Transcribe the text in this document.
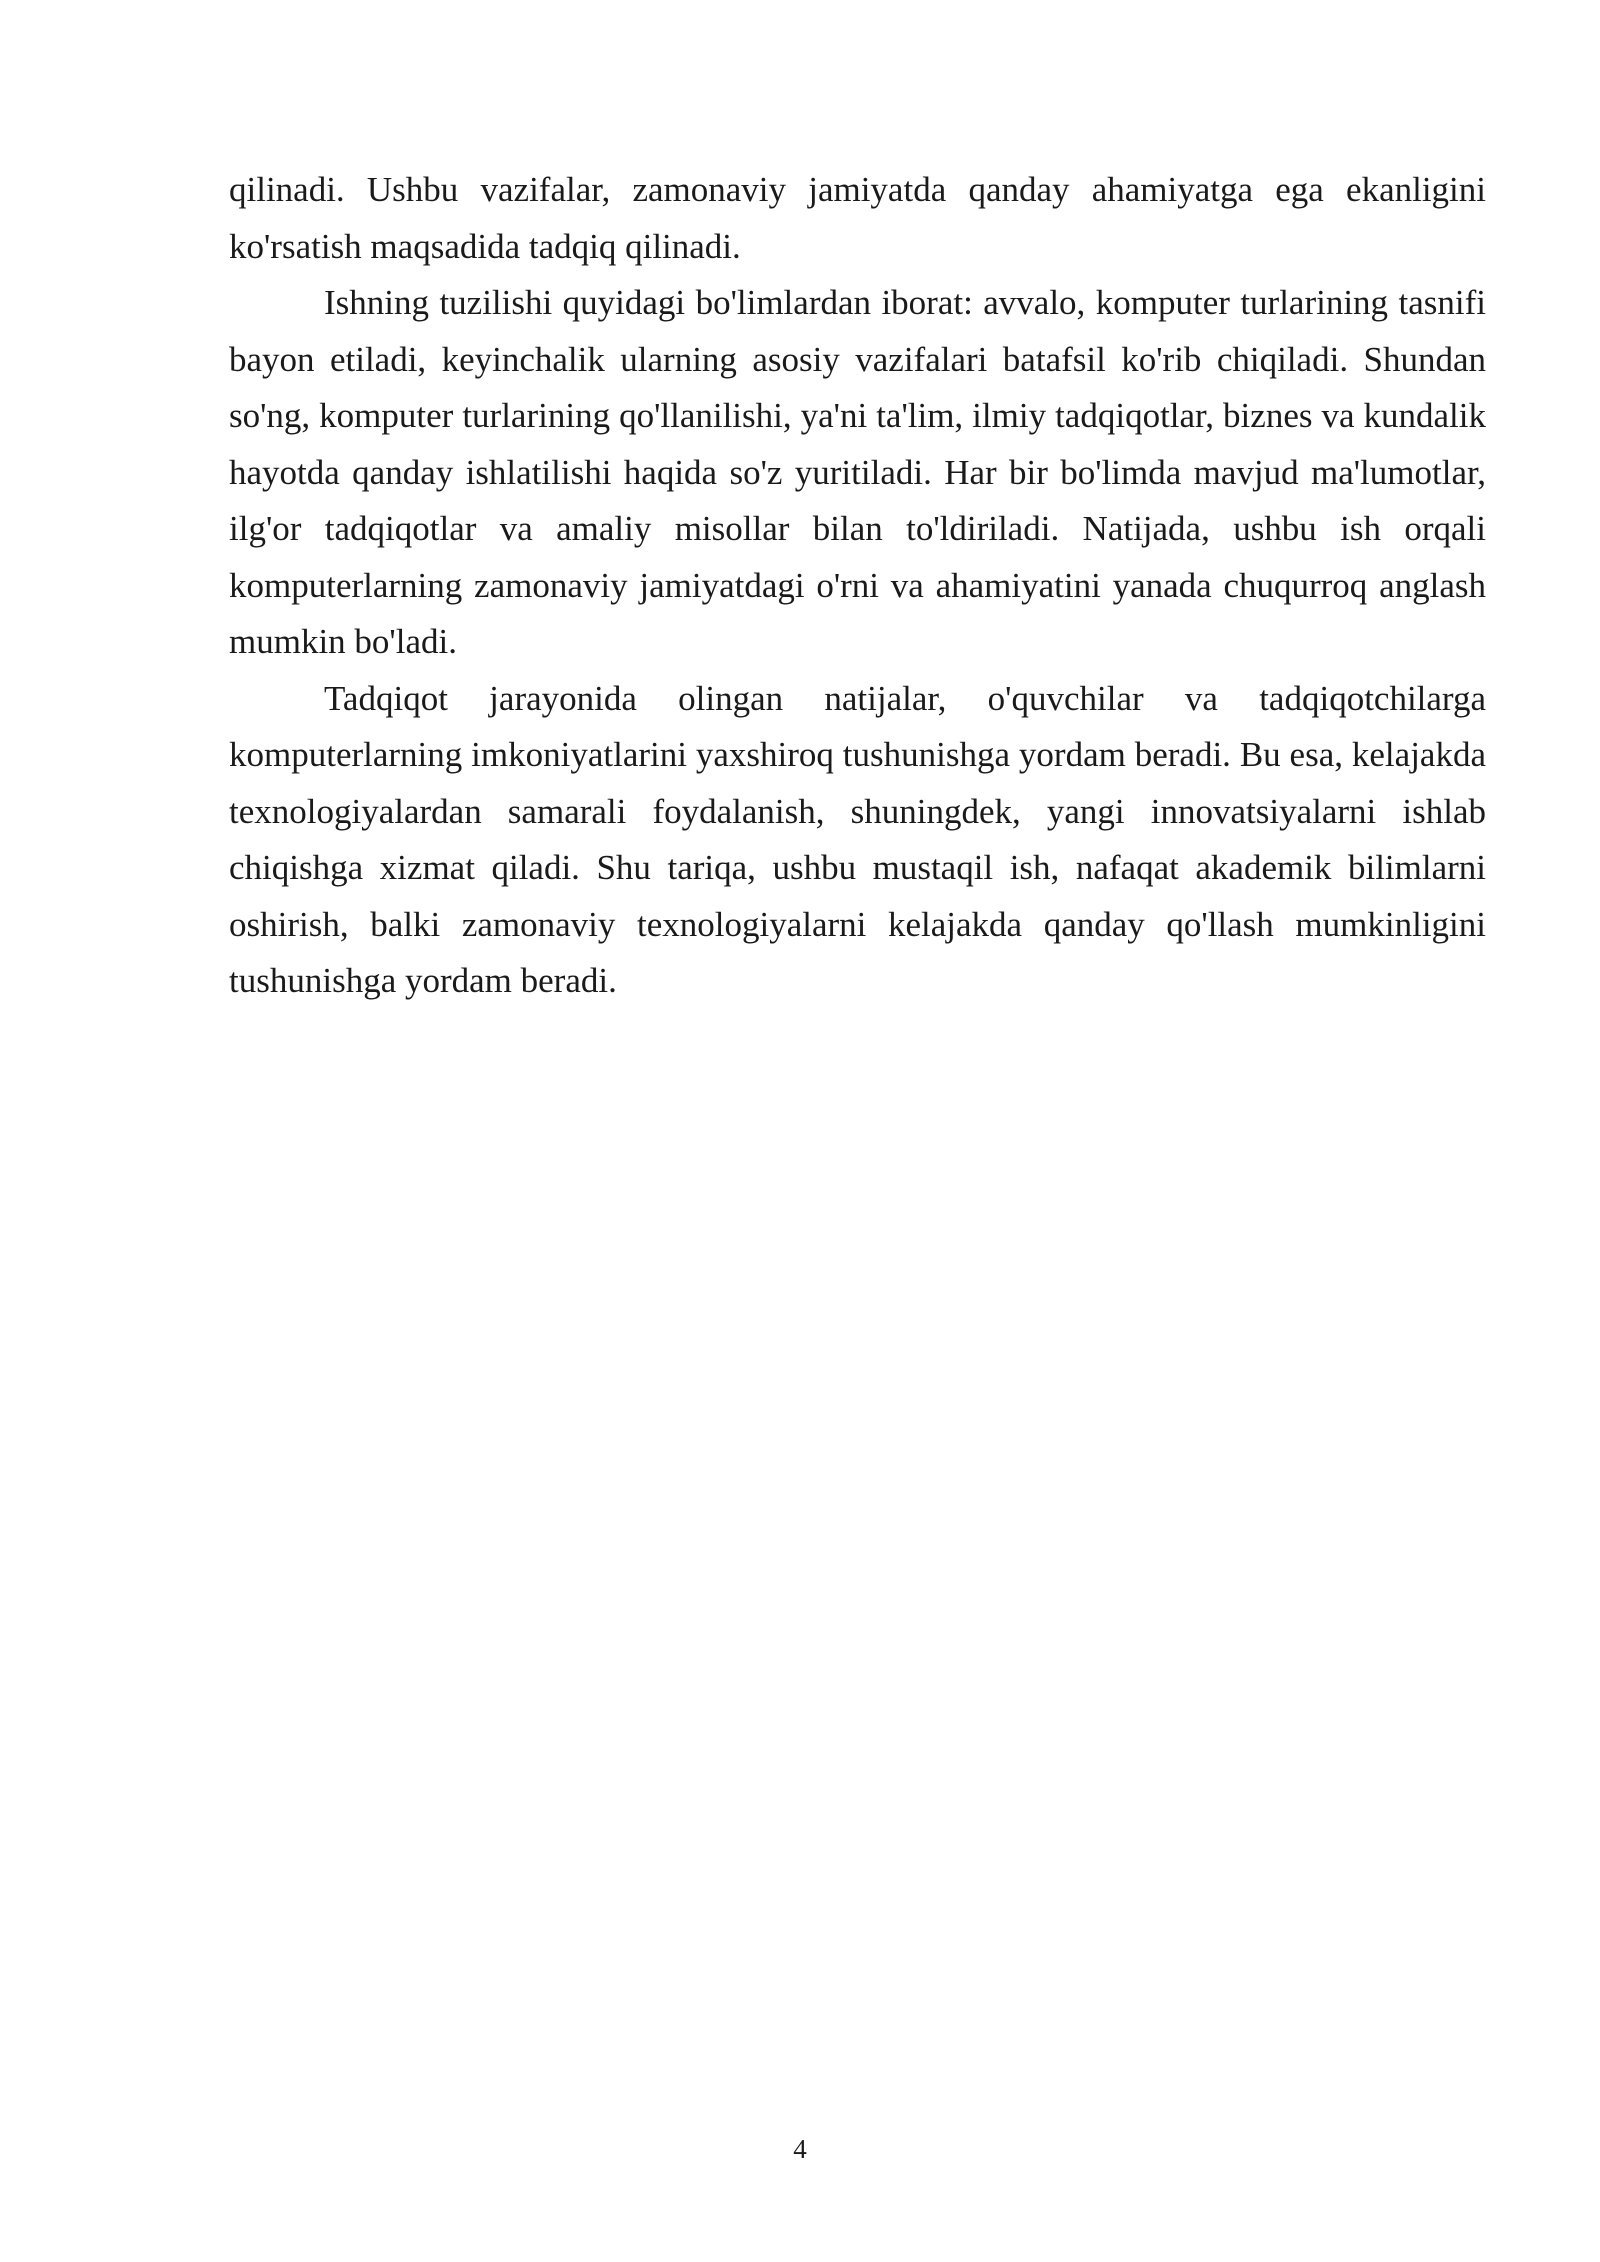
qilinadi. Ushbu vazifalar, zamonaviy jamiyatda qanday ahamiyatga ega ekanligini ko'rsatish maqsadida tadqiq qilinadi.

Ishning tuzilishi quyidagi bo'limlardan iborat: avvalo, komputer turlarining tasnifi bayon etiladi, keyinchalik ularning asosiy vazifalari batafsil ko'rib chiqiladi. Shundan so'ng, komputer turlarining qo'llanilishi, ya'ni ta'lim, ilmiy tadqiqotlar, biznes va kundalik hayotda qanday ishlatilishi haqida so'z yuritiladi. Har bir bo'limda mavjud ma'lumotlar, ilg'or tadqiqotlar va amaliy misollar bilan to'ldiriladi. Natijada, ushbu ish orqali komputerlarning zamonaviy jamiyatdagi o'rni va ahamiyatini yanada chuqurroq anglash mumkin bo'ladi.

Tadqiqot jarayonida olingan natijalar, o'quvchilar va tadqiqotchilarga komputerlarning imkoniyatlarini yaxshiroq tushunishga yordam beradi. Bu esa, kelajakda texnologiyalardan samarali foydalanish, shuningdek, yangi innovatsiyalarni ishlab chiqishga xizmat qiladi. Shu tariqa, ushbu mustaqil ish, nafaqat akademik bilimlarni oshirish, balki zamonaviy texnologiyalarni kelajakda qanday qo'llash mumkinligini tushunishga yordam beradi.

4
